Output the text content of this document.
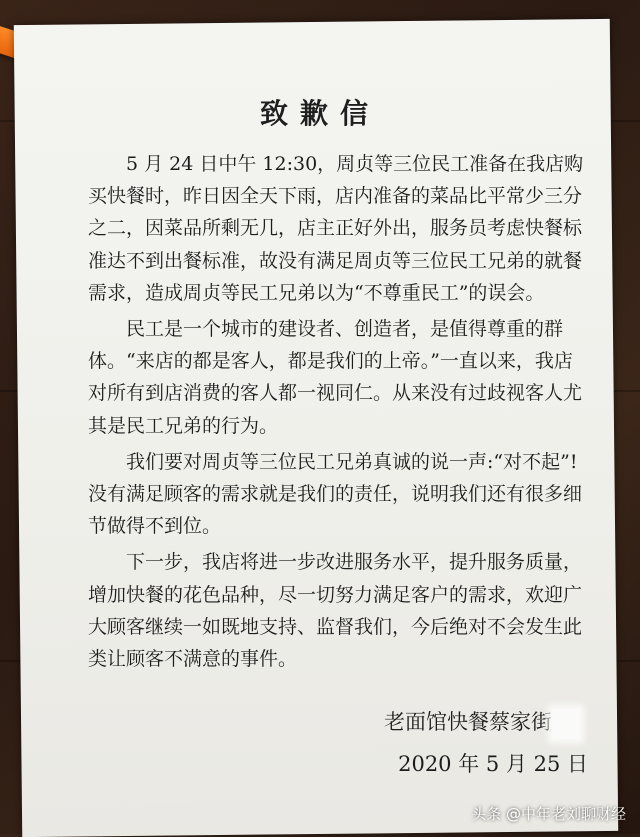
致歉信

5 月 24 日中午 12:30，周贞等三位民工准备在我店购买快餐时，昨日因全天下雨，店内准备的菜品比平常少三分之二，因菜品所剩无几，店主正好外出，服务员考虑快餐标准达不到出餐标准，故没有满足周贞等三位民工兄弟的就餐需求，造成周贞等民工兄弟以为“不尊重民工”的误会。

民工是一个城市的建设者、创造者，是值得尊重的群体。“来店的都是客人，都是我们的上帝。”一直以来，我店对所有到店消费的客人都一视同仁。从来没有过歧视客人尤其是民工兄弟的行为。

我们要对周贞等三位民工兄弟真诚的说一声:“对不起”! 没有满足顾客的需求就是我们的责任，说明我们还有很多细节做得不到位。

下一步，我店将进一步改进服务水平，提升服务质量，增加快餐的花色品种，尽一切努力满足客户的需求，欢迎广大顾客继续一如既地支持、监督我们，今后绝对不会发生此类让顾客不满意的事件。

老面馆快餐蔡家街
2020 年 5 月 25 日
头条 @中年老刘聊财经
